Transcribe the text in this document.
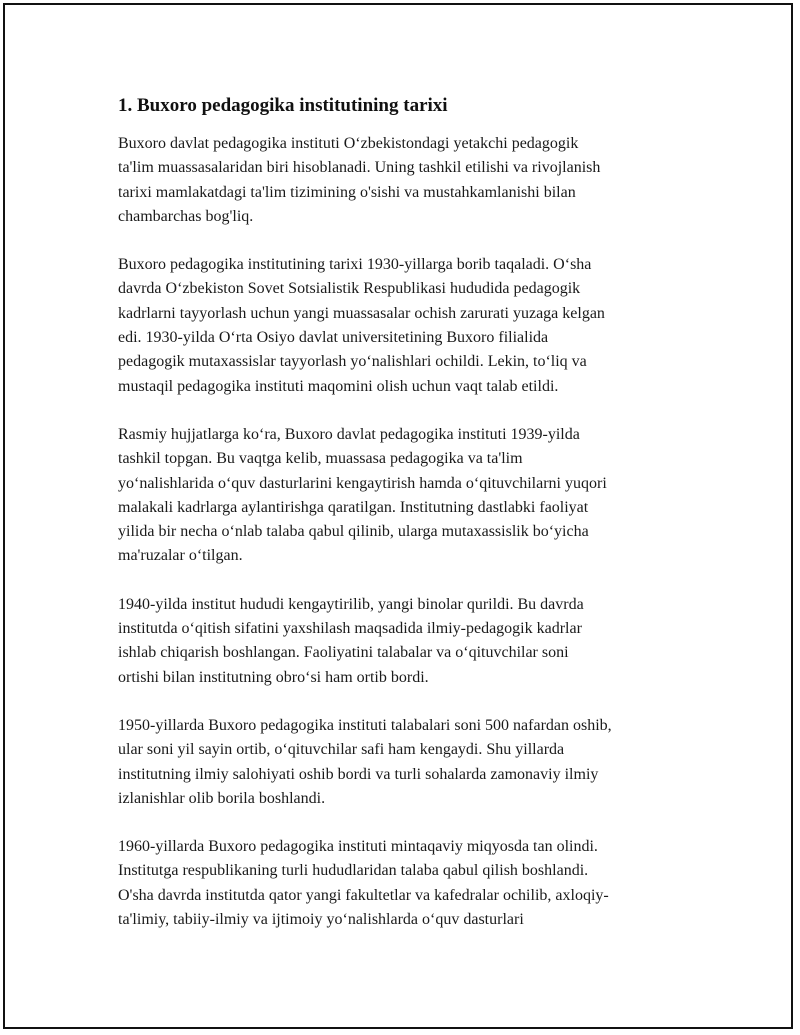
1. Buxoro pedagogika institutining tarixi

Buxoro davlat pedagogika instituti O‘zbekistondagi yetakchi pedagogik
ta'lim muassasalaridan biri hisoblanadi. Uning tashkil etilishi va rivojlanish
tarixi mamlakatdagi ta'lim tizimining o'sishi va mustahkamlanishi bilan
chambarchas bog'liq.

Buxoro pedagogika institutining tarixi 1930-yillarga borib taqaladi. O‘sha
davrda O‘zbekiston Sovet Sotsialistik Respublikasi hududida pedagogik
kadrlarni tayyorlash uchun yangi muassasalar ochish zarurati yuzaga kelgan
edi. 1930-yilda O‘rta Osiyo davlat universitetining Buxoro filialida
pedagogik mutaxassislar tayyorlash yo‘nalishlari ochildi. Lekin, to‘liq va
mustaqil pedagogika instituti maqomini olish uchun vaqt talab etildi.

Rasmiy hujjatlarga ko‘ra, Buxoro davlat pedagogika instituti 1939-yilda
tashkil topgan. Bu vaqtga kelib, muassasa pedagogika va ta'lim
yo‘nalishlarida o‘quv dasturlarini kengaytirish hamda o‘qituvchilarni yuqori
malakali kadrlarga aylantirishga qaratilgan. Institutning dastlabki faoliyat
yilida bir necha o‘nlab talaba qabul qilinib, ularga mutaxassislik bo‘yicha
ma'ruzalar o‘tilgan.

1940-yilda institut hududi kengaytirilib, yangi binolar qurildi. Bu davrda
institutda o‘qitish sifatini yaxshilash maqsadida ilmiy-pedagogik kadrlar
ishlab chiqarish boshlangan. Faoliyatini talabalar va o‘qituvchilar soni
ortishi bilan institutning obro‘si ham ortib bordi.

1950-yillarda Buxoro pedagogika instituti talabalari soni 500 nafardan oshib,
ular soni yil sayin ortib, o‘qituvchilar safi ham kengaydi. Shu yillarda
institutning ilmiy salohiyati oshib bordi va turli sohalarda zamonaviy ilmiy
izlanishlar olib borila boshlandi.

1960-yillarda Buxoro pedagogika instituti mintaqaviy miqyosda tan olindi.
Institutga respublikaning turli hududlaridan talaba qabul qilish boshlandi.
O'sha davrda institutda qator yangi fakultetlar va kafedralar ochilib, axloqiy-
ta'limiy, tabiiy-ilmiy va ijtimoiy yo‘nalishlarda o‘quv dasturlari
